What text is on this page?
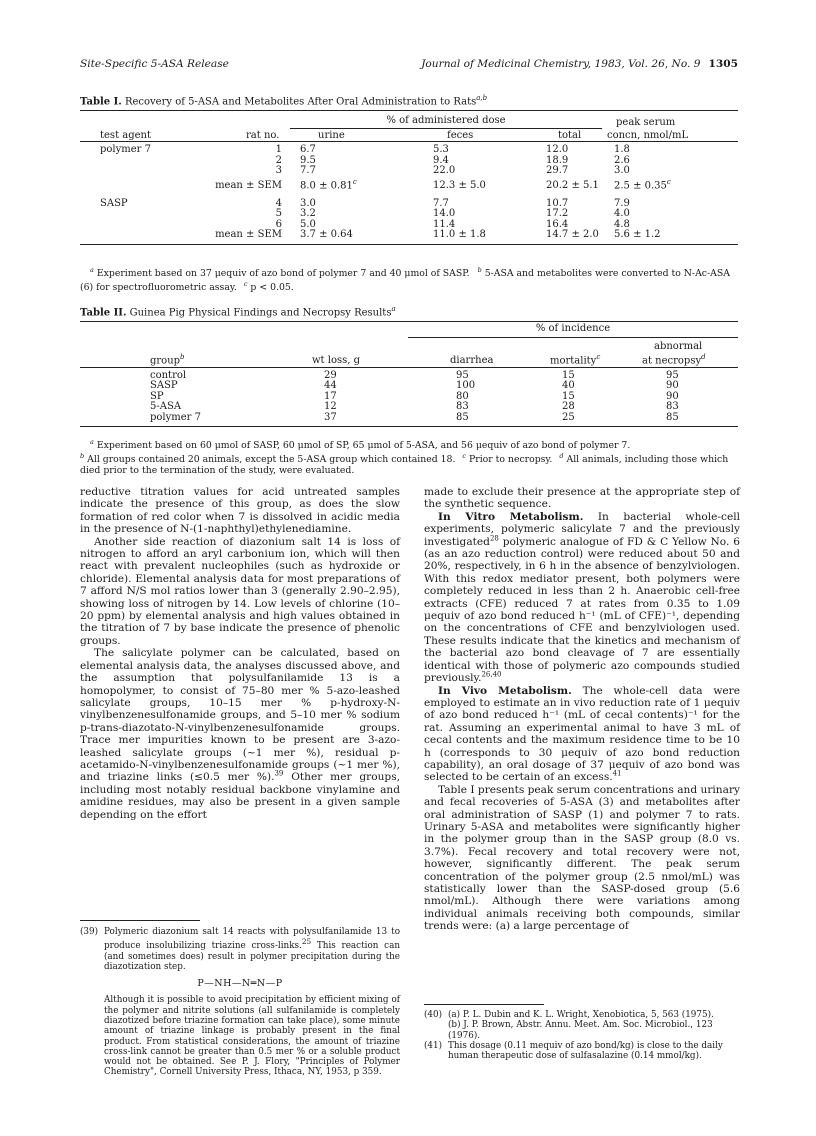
Site-Specific 5-ASA Release	Journal of Medicinal Chemistry, 1983, Vol. 26, No. 9 1305
Table I. Recovery of 5-ASA and Metabolites After Oral Administration to Rats$^{a,b}$

		% of administered dose			peak serum
test agent	rat no.	urine	feces	total	concn, nmol/mL

polymer 7	1	6.7	5.3	12.0	1.8
	2	9.5	9.4	18.9	2.6
	3	7.7	22.0	29.7	3.0
	mean ± SEM	8.0 ± 0.81$^c$	12.3 ± 5.0	20.2 ± 5.1	2.5 ± 0.35$^c$
SASP	4	3.0	7.7	10.7	7.9
	5	3.2	14.0	17.2	4.0
	6	5.0	11.4	16.4	4.8
	mean ± SEM	3.7 ± 0.64	11.0 ± 1.8	14.7 ± 2.0	5.6 ± 1.2

$^a$ Experiment based on 37 μequiv of azo bond of polymer 7 and 40 μmol of SASP. $^b$ 5-ASA and metabolites were converted to N-Ac-ASA (6) for spectrofluorometric assay. $^c$ p < 0.05.
Table II. Guinea Pig Physical Findings and Necropsy Results$^a$

		% of incidence		
				abnormal
group$^b$	wt loss, g	diarrhea	mortality$^c$	at necropsy$^d$

control	29	95	15	95
SASP	44	100	40	90
SP	17	80	15	90
5-ASA	12	83	28	83
polymer 7	37	85	25	85

$^a$ Experiment based on 60 μmol of SASP, 60 μmol of SP, 65 μmol of 5-ASA, and 56 μequiv of azo bond of polymer 7.
$^b$ All groups contained 20 animals, except the 5-ASA group which contained 18. $^c$ Prior to necropsy. $^d$ All animals, including those which died prior to the termination of the study, were evaluated.

reductive titration values for acid untreated samples indicate the presence of this group, as does the slow formation of red color when 7 is dissolved in acidic media in the presence of N-(1-naphthyl)ethylenediamine.

Another side reaction of diazonium salt 14 is loss of nitrogen to afford an aryl carbonium ion, which will then react with prevalent nucleophiles (such as hydroxide or chloride). Elemental analysis data for most preparations of 7 afford N/S mol ratios lower than 3 (generally 2.90–2.95), showing loss of nitrogen by 14. Low levels of chlorine (10–20 ppm) by elemental analysis and high values obtained in the titration of 7 by base indicate the presence of phenolic groups.

The salicylate polymer can be calculated, based on elemental analysis data, the analyses discussed above, and the assumption that polysulfanilamide 13 is a homopolymer, to consist of 75–80 mer % 5-azo-leashed salicylate groups, 10–15 mer % p-hydroxy-N-vinylbenzenesulfonamide groups, and 5–10 mer % sodium p-trans-diazotato-N-vinylbenzenesulfonamide groups. Trace mer impurities known to be present are 3-azo-leashed salicylate groups (~1 mer %), residual p-acetamido-N-vinylbenzenesulfonamide groups (~1 mer %), and triazine links (≤0.5 mer %).$^{39}$ Other mer groups, including most notably residual backbone vinylamine and amidine residues, may also be present in a given sample depending on the effort

(39) Polymeric diazonium salt 14 reacts with polysulfanilamide 13 to produce insolubilizing triazine cross-links.$^{25}$ This reaction can (and sometimes does) result in polymer precipitation during the diazotization step.

P—NH—N═N—P

Although it is possible to avoid precipitation by efficient mixing of the polymer and nitrite solutions (all sulfanilamide is completely diazotized before triazine formation can take place), some minute amount of triazine linkage is probably present in the final product. From statistical considerations, the amount of triazine cross-link cannot be greater than 0.5 mer % or a soluble product would not be obtained. See P. J. Flory, "Principles of Polymer Chemistry", Cornell University Press, Ithaca, NY, 1953, p 359.

made to exclude their presence at the appropriate step of the synthetic sequence.

In Vitro Metabolism. In bacterial whole-cell experiments, polymeric salicylate 7 and the previously investigated$^{28}$ polymeric analogue of FD & C Yellow No. 6 (as an azo reduction control) were reduced about 50 and 20%, respectively, in 6 h in the absence of benzylviologen. With this redox mediator present, both polymers were completely reduced in less than 2 h. Anaerobic cell-free extracts (CFE) reduced 7 at rates from 0.35 to 1.09 μequiv of azo bond reduced h⁻¹ (mL of CFE)⁻¹, depending on the concentrations of CFE and benzylviologen used. These results indicate that the kinetics and mechanism of the bacterial azo bond cleavage of 7 are essentially identical with those of polymeric azo compounds studied previously.$^{26,40}$

In Vivo Metabolism. The whole-cell data were employed to estimate an in vivo reduction rate of 1 μequiv of azo bond reduced h⁻¹ (mL of cecal contents)⁻¹ for the rat. Assuming an experimental animal to have 3 mL of cecal contents and the maximum residence time to be 10 h (corresponds to 30 μequiv of azo bond reduction capability), an oral dosage of 37 μequiv of azo bond was selected to be certain of an excess.$^{41}$

Table I presents peak serum concentrations and urinary and fecal recoveries of 5-ASA (3) and metabolites after oral administration of SASP (1) and polymer 7 to rats. Urinary 5-ASA and metabolites were significantly higher in the polymer group than in the SASP group (8.0 vs. 3.7%). Fecal recovery and total recovery were not, however, significantly different. The peak serum concentration of the polymer group (2.5 nmol/mL) was statistically lower than the SASP-dosed group (5.6 nmol/mL). Although there were variations among individual animals receiving both compounds, similar trends were: (a) a large percentage of

(40) (a) P. L. Dubin and K. L. Wright, Xenobiotica, 5, 563 (1975).

(b) J. P. Brown, Abstr. Annu. Meet. Am. Soc. Microbiol., 123 (1976).

(41) This dosage (0.11 mequiv of azo bond/kg) is close to the daily human therapeutic dose of sulfasalazine (0.14 mmol/kg).
